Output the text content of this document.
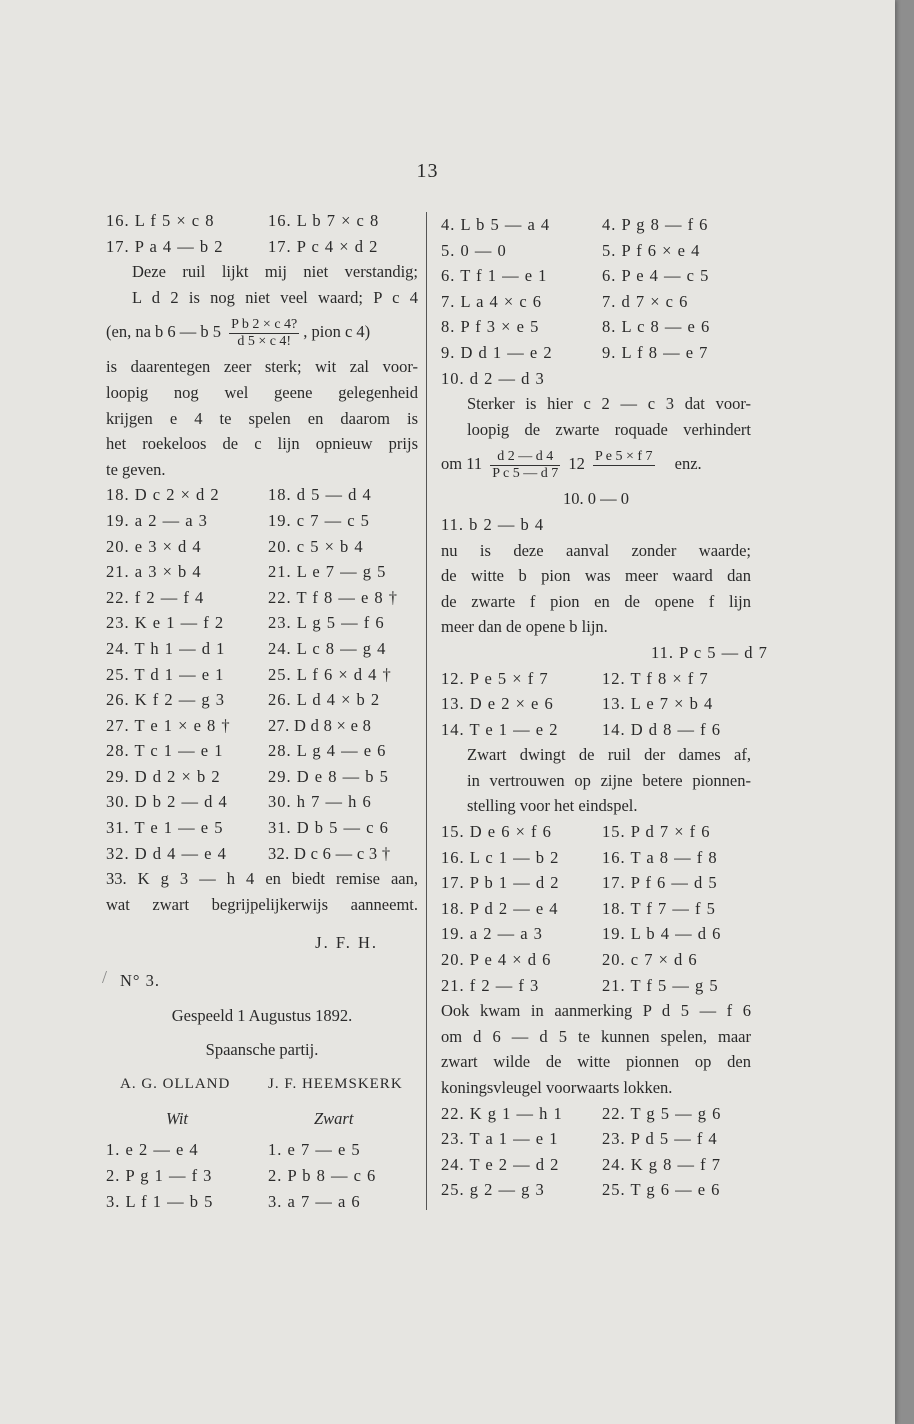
13
16. L f 5 × c 8	16. L b 7 × c 8
17. P a 4 — b 2	17. P c 4 × d 2
Deze ruil lijkt mij niet verstandig;
L d 2 is nog niet veel waard; P c 4
(en, na b 6 — b $5 \frac{\text{P b 2 × c 4?}}{d 5 \times c 4!}$ , pion c 4)
is daarentegen zeer sterk; wit zal voor-
loopig nog wel geene gelegenheid
krijgen e 4 te spelen en daarom is
het roekeloos de c lijn opnieuw prijs
te geven.
18. D c 2 × d 2	18. d 5 — d 4
19. a 2 — a 3	19. c 7 — c 5
20. e 3 × d 4	20. c 5 × b 4
21. a 3 × b 4	21. L e 7 — g 5
22. f 2 — f 4	22. T f 8 — e 8 †
23. K e 1 — f 2	23. L g 5 — f 6
24. T h 1 — d 1	24. L c 8 — g 4
25. T d 1 — e 1	25. L f 6 × d 4 †
26. K f 2 — g 3	26. L d 4 × b 2
27. T e 1 × e 8 † 27. D d 8 × e 8
28. T c 1 — e 1	28. L g 4 — e 6
29. D d 2 × b 2	29. D e 8 — b 5
30. D b 2 — d 4 30. h 7 — h 6
31. T e 1 — e 5	31. D b 5 — c 6
32. D d 4 — e 4 32. D c 6 — c 3 †
33. K g 3 — h 4 en biedt remise aan,
wat zwart begrijpelijkerwijs aanneemt.
J. F. H.
/ N° 3.
Gespeeld 1 Augustus 1892.
Spaansche partij.
A. G. OLLAND	J. F. HEEMSKERK
Wit	Zwart
1. e 2 — e 4	1. e 7 — e 5
2. P g 1 — f 3	2. P b 8 — c 6
3. L f 1 — b 5	3. a 7 — a 6
4. L b 5 — a 4	4. P g 8 — f 6
5. 0 — 0	5. P f 6 × e 4
6. T f 1 — e 1	6. P e 4 — c 5
7. L a 4 × c 6	7. d 7 × c 6
8. P f 3 × e 5	8. L c 8 — e 6
9. D d 1 — e 2	9. L f 8 — e 7
10. d 2 — d 3
Sterker is hier c 2 — c 3 dat voor-
loopig de zwarte roquade verhindert
om $11 \frac{d 2 — d 4}{\text{P c 5 — d 7}} 12$ P e 5 × f 7
enz.
10. 0 — 0
11. b 2 — b 4
nu is deze aanval zonder waarde;
de witte b pion was meer waard dan
de zwarte f pion en de opene f lijn
meer dan de opene b lijn.
11. P c 5 — d 7
12. P e 5 × f 7	12. T f 8 × f 7
13. D e 2 × e 6	13. L e 7 × b 4
14. T e 1 — e 2	14. D d 8 — f 6
Zwart dwingt de ruil der dames af,
in vertrouwen op zijne betere pionnen-
stelling voor het eindspel.
15. D e 6 × f 6	15. P d 7 × f 6
16. L c 1 — b 2	16. T a 8 — f 8
17. P b 1 — d 2	17. P f 6 — d 5
18. P d 2 — e 4	18. T f 7 — f 5
19. a 2 — a 3	19. L b 4 — d 6
20. P e 4 × d 6	20. c 7 × d 6
21. f 2 — f 3	21. T f 5 — g 5
Ook kwam in aanmerking P d 5 — f 6
om d 6 — d 5 te kunnen spelen, maar
zwart wilde de witte pionnen op den
koningsvleugel voorwaarts lokken.
22. K g 1 — h 1 22. T g 5 — g 6
23. T a 1 — e 1	23. P d 5 — f 4
24. T e 2 — d 2	24. K g 8 — f 7
25. g 2 — g 3	25. T g 6 — e 6
